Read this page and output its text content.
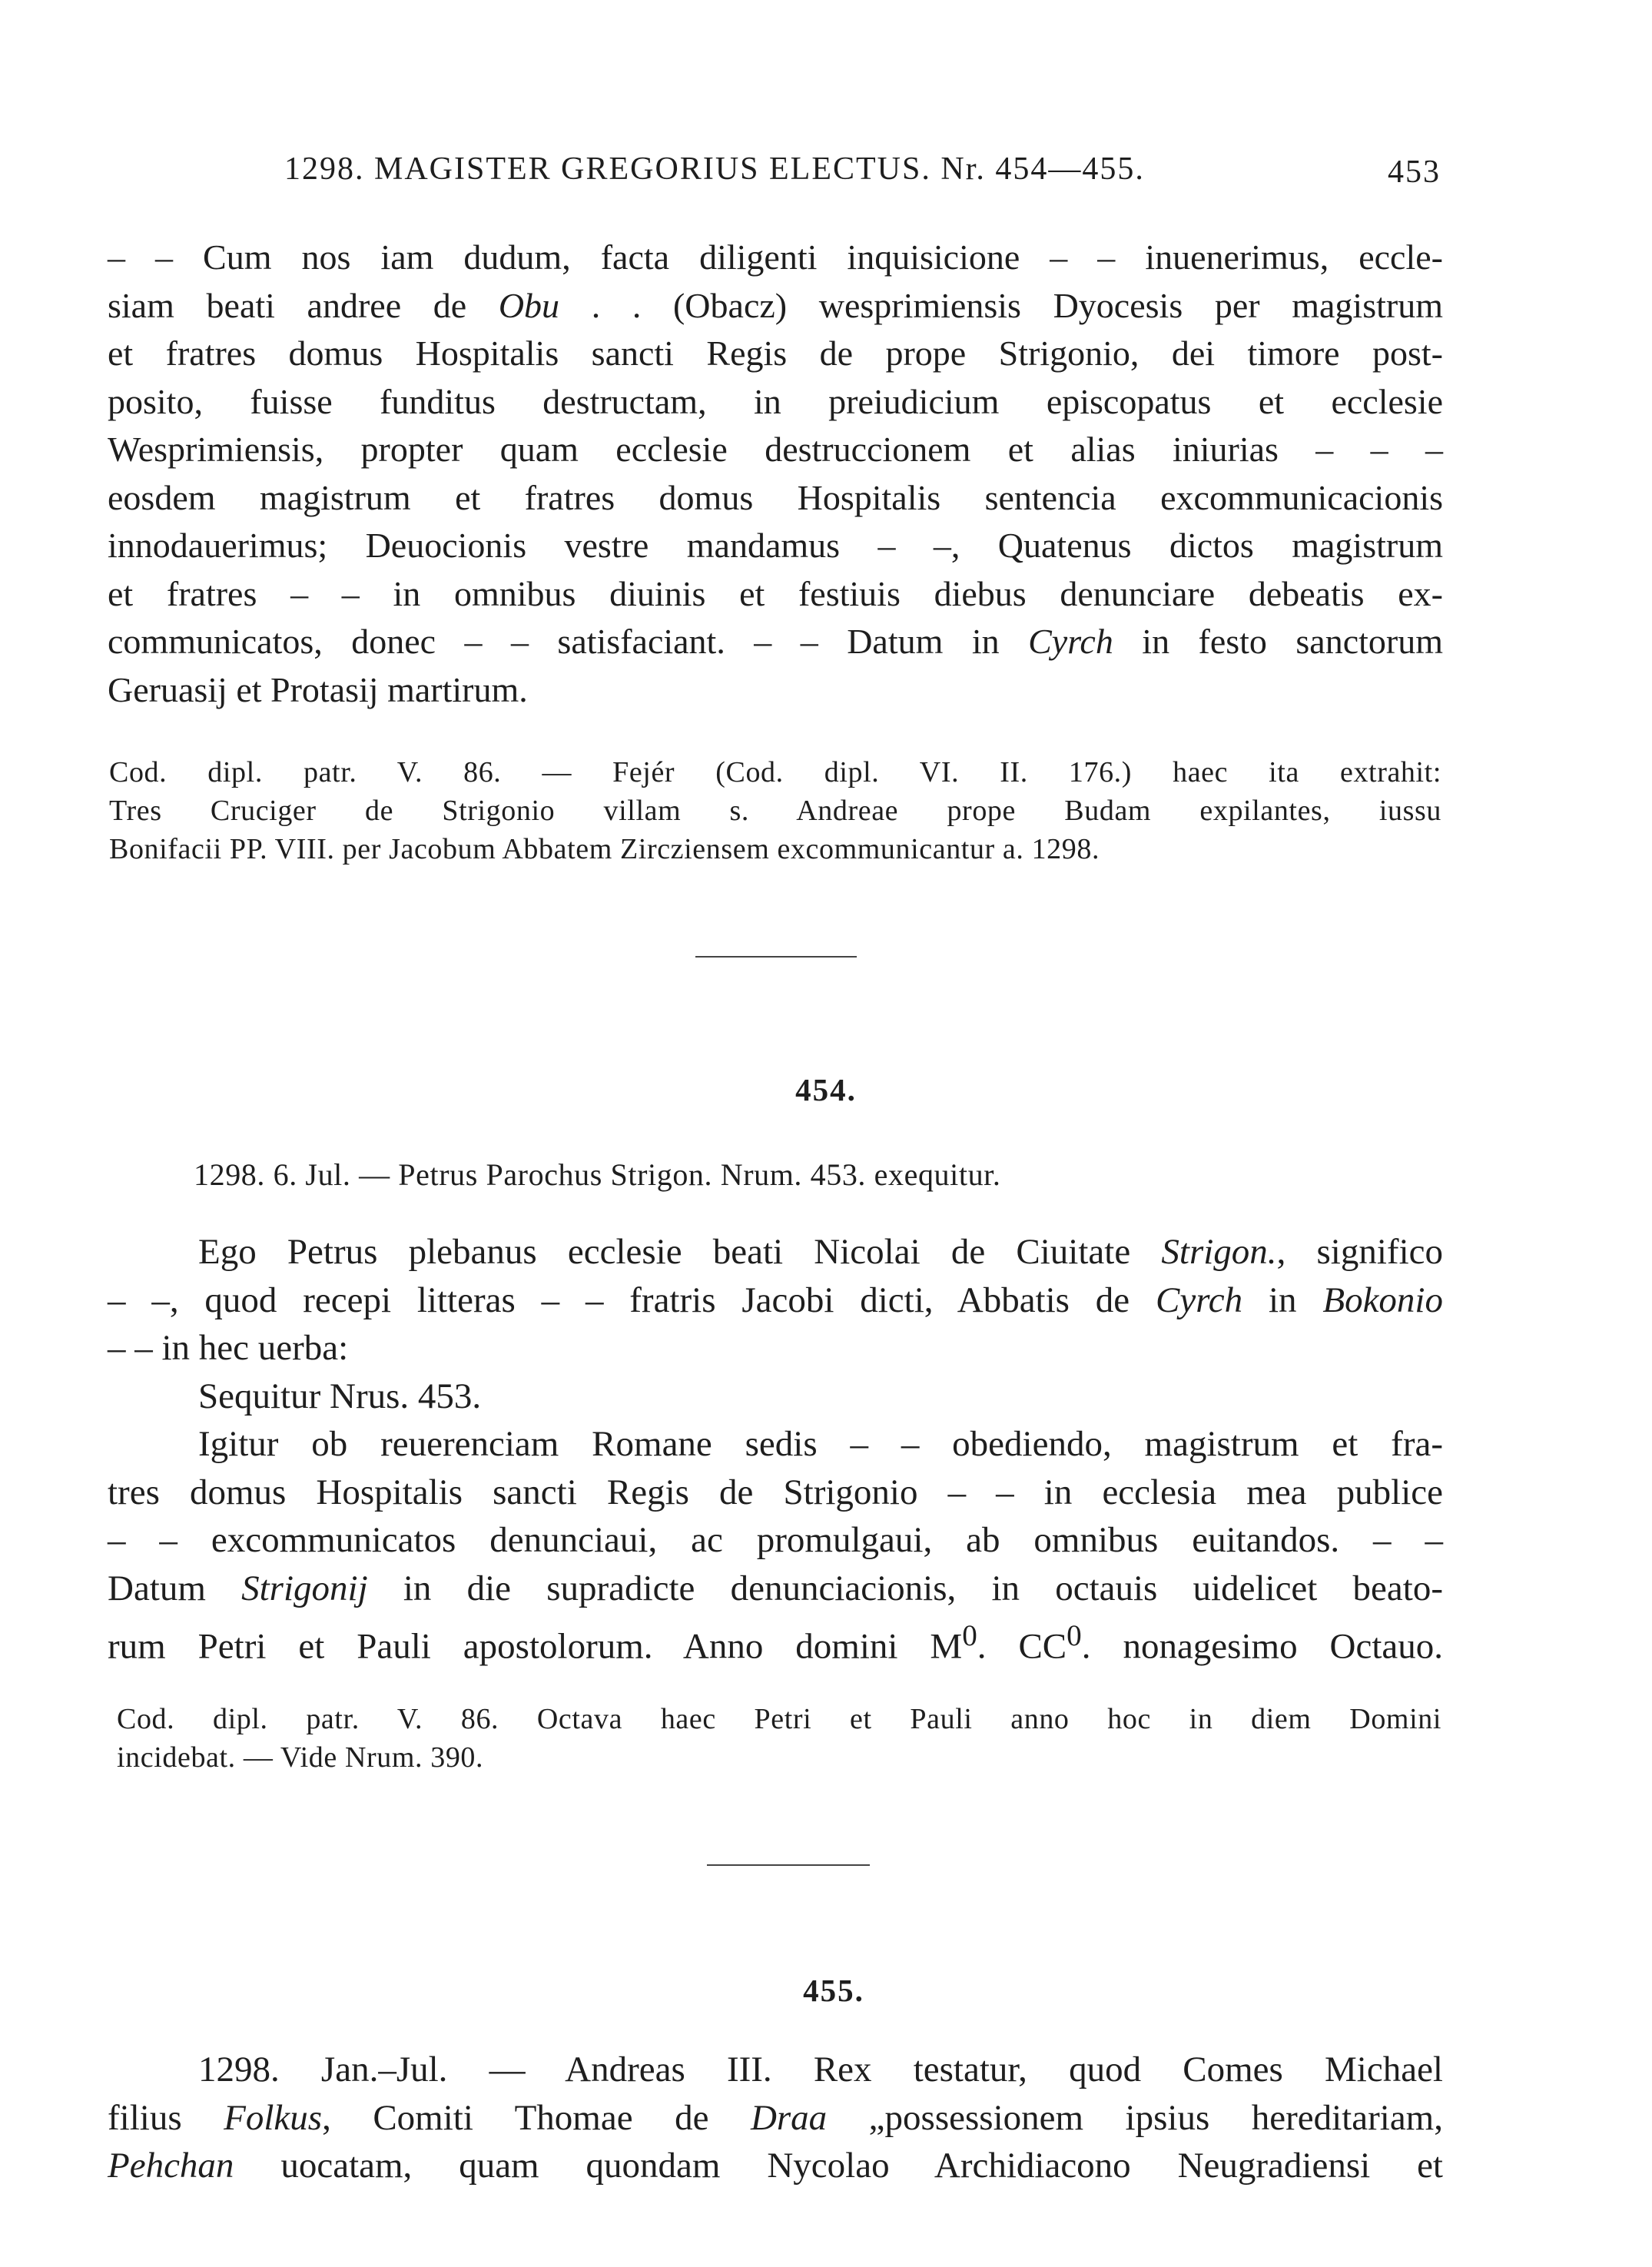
1298. MAGISTER GREGORIUS ELECTUS. Nr. 454—455.	453
– – Cum nos iam dudum, facta diligenti inquisicione – – inuenerimus, eccle-
siam beati andree de Obu . . (Obacz) wesprimiensis Dyocesis per magistrum
et fratres domus Hospitalis sancti Regis de prope Strigonio, dei timore post-
posito, fuisse funditus destructam, in preiudicium episcopatus et ecclesie
Wesprimiensis, propter quam ecclesie destruccionem et alias iniurias – – –
eosdem magistrum et fratres domus Hospitalis sentencia excommunicacionis
innodauerimus; Deuocionis vestre mandamus – –, Quatenus dictos magistrum
et fratres – – in omnibus diuinis et festiuis diebus denunciare debeatis ex-
communicatos, donec – – satisfaciant. – – Datum in Cyrch in festo sanctorum
Geruasij et Protasij martirum.
Cod. dipl. patr. V. 86. — Fejér (Cod. dipl. VI. II. 176.) haec ita extrahit:
Tres Cruciger de Strigonio villam s. Andreae prope Budam expilantes, iussu
Bonifacii PP. VIII. per Jacobum Abbatem Zircziensem excommunicantur a. 1298.
454.
1298. 6. Jul. — Petrus Parochus Strigon. Nrum. 453. exequitur.
Ego Petrus plebanus ecclesie beati Nicolai de Ciuitate Strigon., significo
– –, quod recepi litteras – – fratris Jacobi dicti, Abbatis de Cyrch in Bokonio
– – in hec uerba:
Sequitur Nrus. 453.
Igitur ob reuerenciam Romane sedis – – obediendo, magistrum et fra-
tres domus Hospitalis sancti Regis de Strigonio – – in ecclesia mea publice
– – excommunicatos denunciaui, ac promulgaui, ab omnibus euitandos. – –
Datum Strigonij in die supradicte denunciacionis, in octauis uidelicet beato-
rum Petri et Pauli apostolorum. Anno domini $M^0$. $CC^0$. nonagesimo Octauo.
Cod. dipl. patr. V. 86. Octava haec Petri et Pauli anno hoc in diem Domini
incidebat. — Vide Nrum. 390.
455.
1298. Jan.–Jul. — Andreas III. Rex testatur, quod Comes Michael
filius Folkus, Comiti Thomae de Draa „possessionem ipsius hereditariam,
Pehchan uocatam, quam quondam Nycolao Archidiacono Neugradiensi et
